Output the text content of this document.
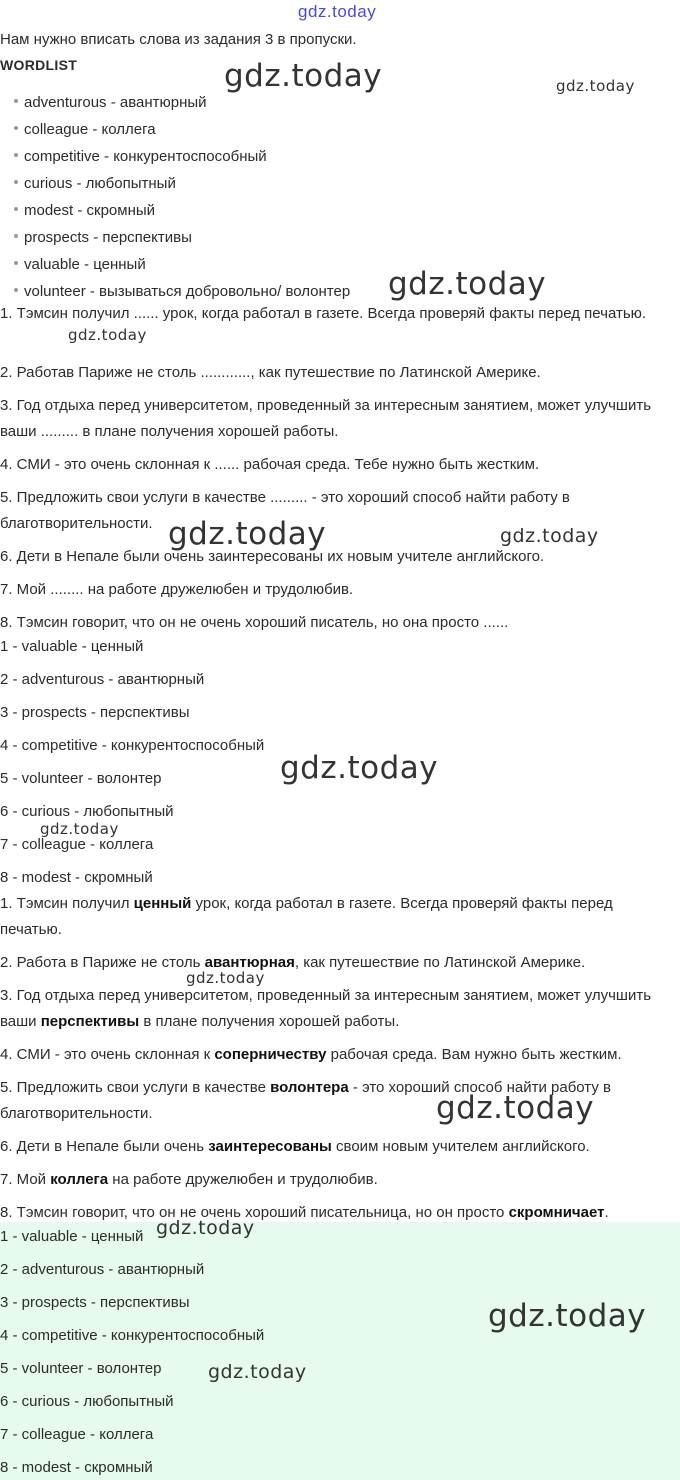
gdz.today
Нам нужно вписать слова из задания 3 в пропуски.
WORDLIST
adventurous - авантюрный
colleague - коллега
competitive - конкурентоспособный
curious - любопытный
modest - скромный
prospects - перспективы
valuable - ценный
volunteer - вызываться добровольно/ волонтер
1. Тэмсин получил ...... урок, когда работал в газете. Всегда проверяй факты перед печатью.
2. Работав Париже не столь ............, как путешествие по Латинской Америке.
3. Год отдыха перед университетом, проведенный за интересным занятием, может улучшить ваши ......... в плане получения хорошей работы.
4. СМИ - это очень склонная к ...... рабочая среда. Тебе нужно быть жестким.
5. Предложить свои услуги в качестве ......... - это хороший способ найти работу в благотворительности.
6. Дети в Непале были очень заинтересованы их новым учителе английского.
7. Мой ........ на работе дружелюбен и трудолюбив.
8. Тэмсин говорит, что он не очень хороший писатель, но она просто ......
1 - valuable - ценный
2 - adventurous - авантюрный
3 - prospects - перспективы
4 - competitive - конкурентоспособный
5 - volunteer - волонтер
6 - curious - любопытный
7 - colleague - коллега
8 - modest - скромный
1. Тэмсин получил ценный урок, когда работал в газете. Всегда проверяй факты перед печатью.
2. Работа в Париже не столь авантюрная, как путешествие по Латинской Америке.
3. Год отдыха перед университетом, проведенный за интересным занятием, может улучшить ваши перспективы в плане получения хорошей работы.
4. СМИ - это очень склонная к соперничеству рабочая среда. Вам нужно быть жестким.
5. Предложить свои услуги в качестве волонтера - это хороший способ найти работу в благотворительности.
6. Дети в Непале были очень заинтересованы своим новым учителем английского.
7. Мой коллега на работе дружелюбен и трудолюбив.
8. Тэмсин говорит, что он не очень хороший писательница, но он просто скромничает.
1 - valuable - ценный
2 - adventurous - авантюрный
3 - prospects - перспективы
4 - competitive - конкурентоспособный
5 - volunteer - волонтер
6 - curious - любопытный
7 - colleague - коллега
8 - modest - скромный
gdz.today	gdz.today
gdz.today
gdz.today
gdz.today	gdz.today
gdz.today
gdz.today
gdz.today
gdz.today
gdz.today
gdz.today
gdz.today
